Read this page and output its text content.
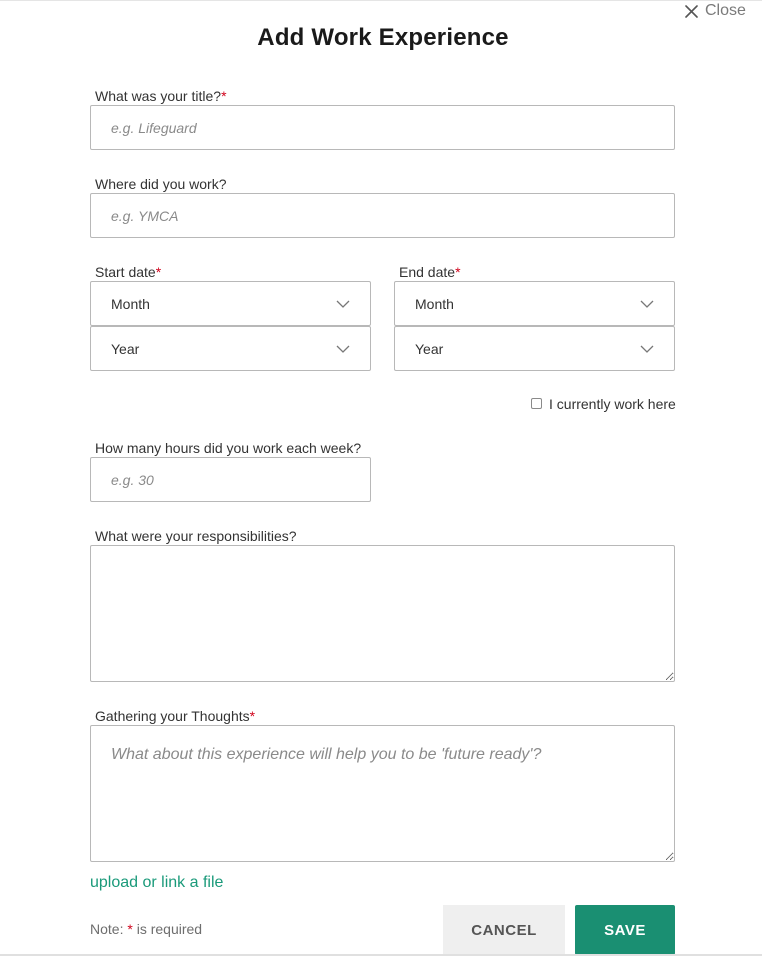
Close
Add Work Experience
What was your title?*
e.g. Lifeguard
Where did you work?
e.g. YMCA
Start date*
Month
Year
End date*
Month
Year
I currently work here
How many hours did you work each week?
e.g. 30
What were your responsibilities?
Gathering your Thoughts*
What about this experience will help you to be 'future ready'?
upload or link a file
Note: * is required	CANCEL	SAVE
